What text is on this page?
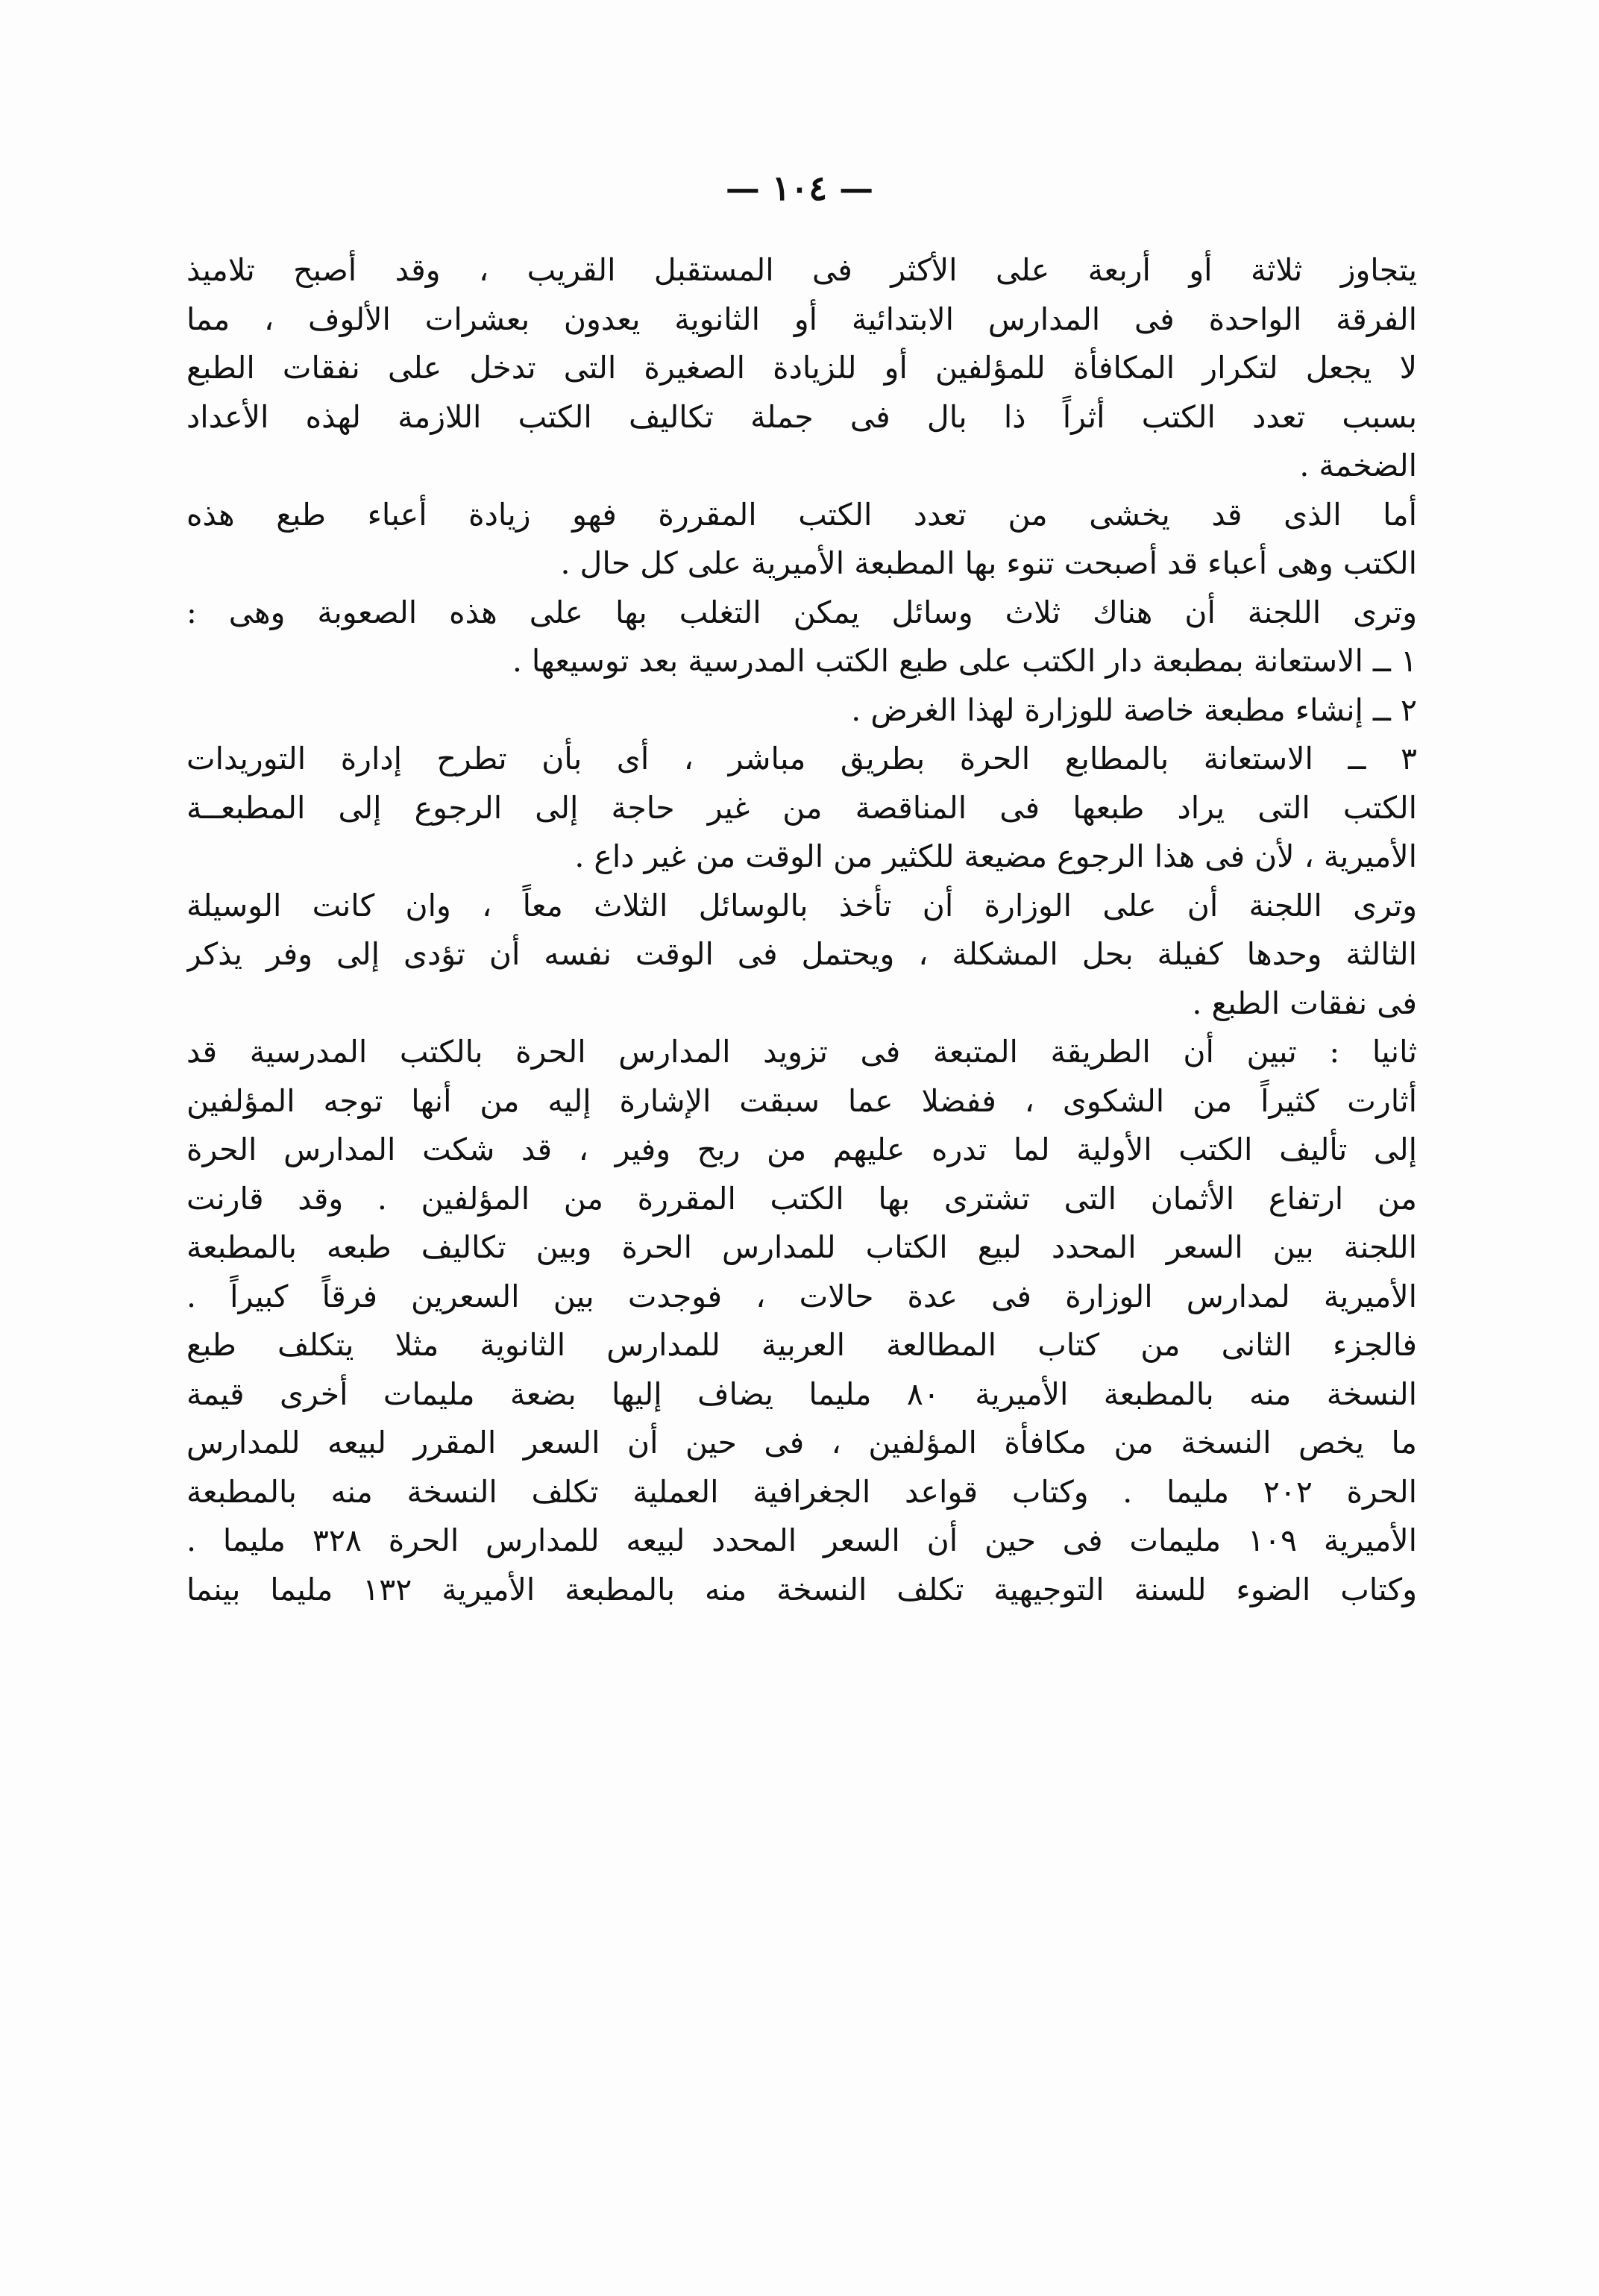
— ١٠٤ —
يتجاوز ثلاثة أو أربعة على الأكثر فى المستقبل القريب ، وقد أصبح تلاميذ
الفرقة الواحدة فى المدارس الابتدائية أو الثانوية يعدون بعشرات الألوف ، مما
لا يجعل لتكرار المكافأة للمؤلفين أو للزيادة الصغيرة التى تدخل على نفقات الطبع
بسبب تعدد الكتب أثراً ذا بال فى جملة تكاليف الكتب اللازمة لهذه الأعداد
الضخمة .
أما الذى قد يخشى من تعدد الكتب المقررة فهو زيادة أعباء طبع هذه
الكتب وهى أعباء قد أصبحت تنوء بها المطبعة الأميرية على كل حال .
وترى اللجنة أن هناك ثلاث وسائل يمكن التغلب بها على هذه الصعوبة وهى :
١ ــ الاستعانة بمطبعة دار الكتب على طبع الكتب المدرسية بعد توسيعها .
٢ ــ إنشاء مطبعة خاصة للوزارة لهذا الغرض .
٣ ــ الاستعانة بالمطابع الحرة بطريق مباشر ، أى بأن تطرح إدارة التوريدات
الكتب التى يراد طبعها فى المناقصة من غير حاجة إلى الرجوع إلى المطبعــة
الأميرية ، لأن فى هذا الرجوع مضيعة للكثير من الوقت من غير داع .
وترى اللجنة أن على الوزارة أن تأخذ بالوسائل الثلاث معاً ، وان كانت الوسيلة
الثالثة وحدها كفيلة بحل المشكلة ، ويحتمل فى الوقت نفسه أن تؤدى إلى وفر يذكر
فى نفقات الطبع .
ثانيا : تبين أن الطريقة المتبعة فى تزويد المدارس الحرة بالكتب المدرسية قد
أثارت كثيراً من الشكوى ، ففضلا عما سبقت الإشارة إليه من أنها توجه المؤلفين
إلى تأليف الكتب الأولية لما تدره عليهم من ربح وفير ، قد شكت المدارس الحرة
من ارتفاع الأثمان التى تشترى بها الكتب المقررة من المؤلفين . وقد قارنت
اللجنة بين السعر المحدد لبيع الكتاب للمدارس الحرة وبين تكاليف طبعه بالمطبعة
الأميرية لمدارس الوزارة فى عدة حالات ، فوجدت بين السعرين فرقاً كبيراً .
فالجزء الثانى من كتاب المطالعة العربية للمدارس الثانوية مثلا يتكلف طبع
النسخة منه بالمطبعة الأميرية ٨٠ مليما يضاف إليها بضعة مليمات أخرى قيمة
ما يخص النسخة من مكافأة المؤلفين ، فى حين أن السعر المقرر لبيعه للمدارس
الحرة ٢٠٢ مليما . وكتاب قواعد الجغرافية العملية تكلف النسخة منه بالمطبعة
الأميرية ١٠٩ مليمات فى حين أن السعر المحدد لبيعه للمدارس الحرة ٣٢٨ مليما .
وكتاب الضوء للسنة التوجيهية تكلف النسخة منه بالمطبعة الأميرية ١٣٢ مليما بينما
